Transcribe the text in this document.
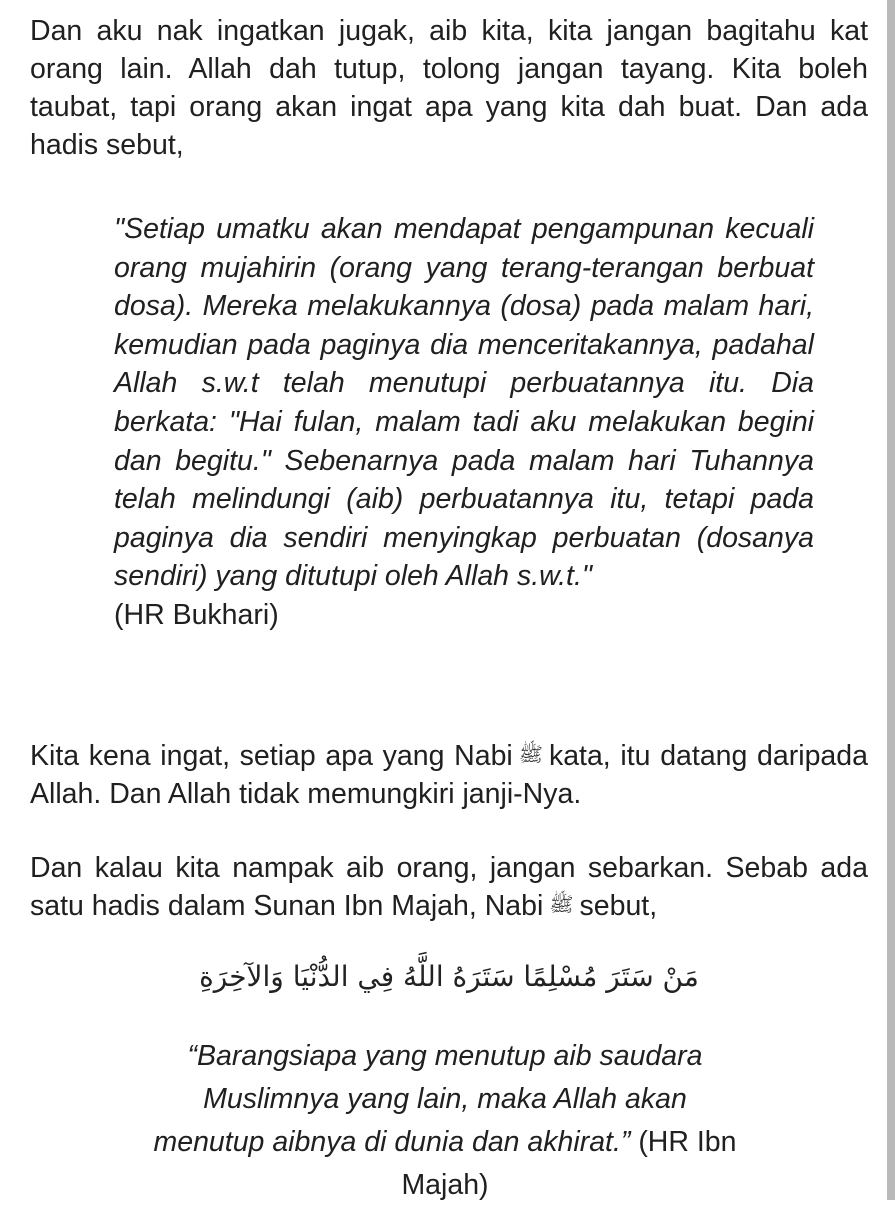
Dan aku nak ingatkan jugak, aib kita, kita jangan bagitahu kat orang lain. Allah dah tutup, tolong jangan tayang. Kita boleh taubat, tapi orang akan ingat apa yang kita dah buat. Dan ada hadis sebut,

"Setiap umatku akan mendapat pengampunan kecuali orang mujahirin (orang yang terang-terangan berbuat dosa). Mereka melakukannya (dosa) pada malam hari, kemudian pada paginya dia menceritakannya, padahal Allah s.w.t telah menutupi perbuatannya itu. Dia berkata: "Hai fulan, malam tadi aku melakukan begini dan begitu." Sebenarnya pada malam hari Tuhannya telah melindungi (aib) perbuatannya itu, tetapi pada paginya dia sendiri menyingkap perbuatan (dosanya sendiri) yang ditutupi oleh Allah s.w.t."
(HR Bukhari)

Kita kena ingat, setiap apa yang Nabi ﷺ kata, itu datang daripada Allah. Dan Allah tidak memungkiri janji-Nya.

Dan kalau kita nampak aib orang, jangan sebarkan. Sebab ada satu hadis dalam Sunan Ibn Majah, Nabi ﷺ sebut,

مَنْ سَتَرَ مُسْلِمًا سَتَرَهُ اللَّهُ فِي الدُّنْيَا وَالآخِرَةِ
“Barangsiapa yang menutup aib saudara Muslimnya yang lain, maka Allah akan menutup aibnya di dunia dan akhirat.” (HR Ibn Majah)
